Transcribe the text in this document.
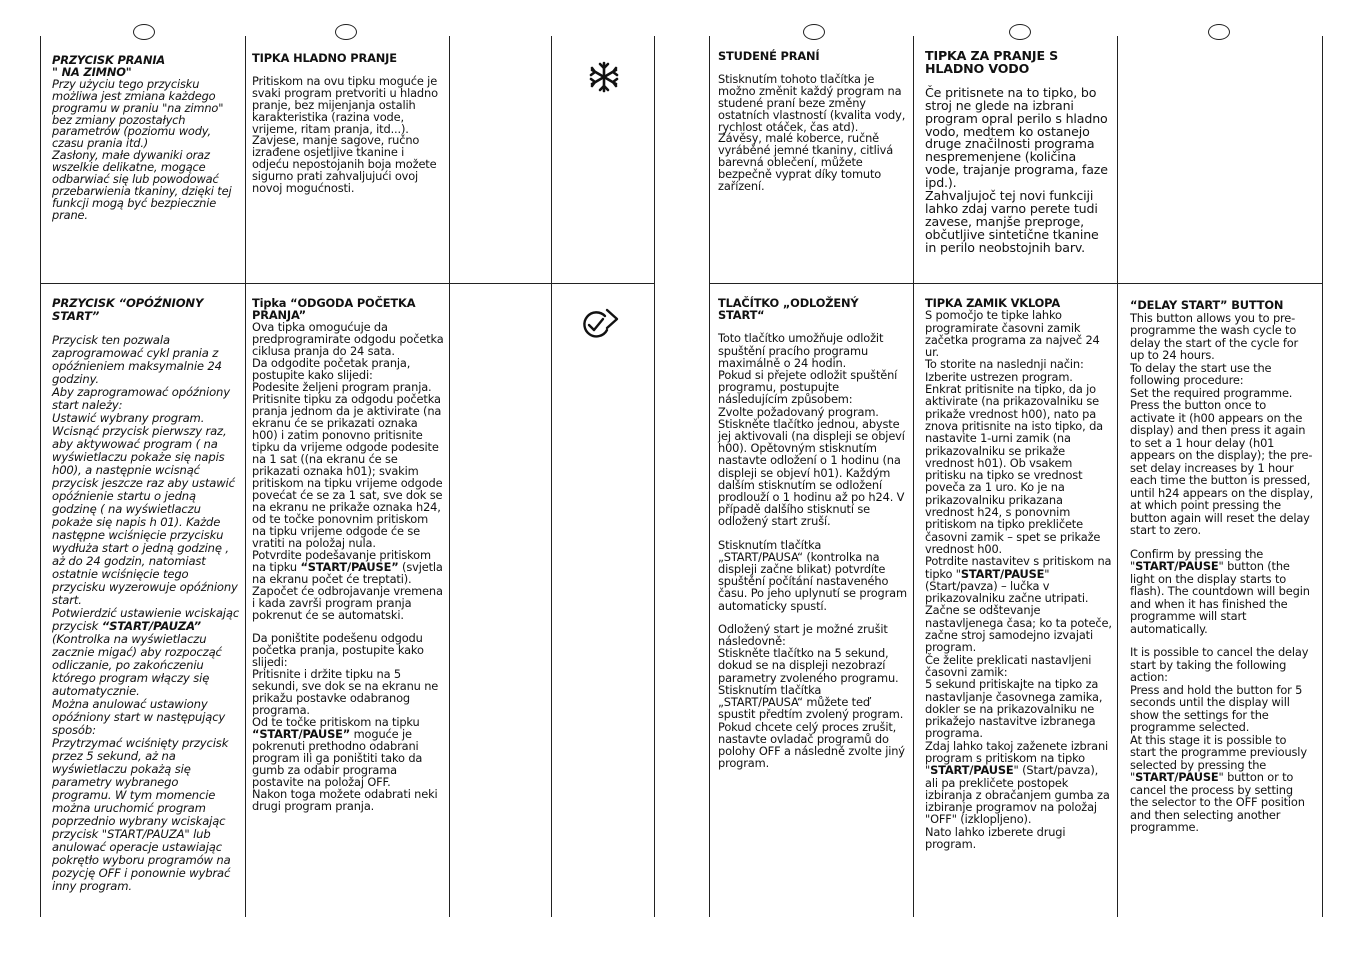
PRZYCISK PRANIA
" NA ZIMNO"
Przy użyciu tego przycisku możliwa jest zmiana każdego programu w praniu "na zimno" bez zmiany pozostałych parametrów (poziomu wody, czasu prania itd.)
Zasłony, małe dywaniki oraz wszelkie delikatne, mogące odbarwiać się lub powodować przebarwienia tkaniny, dzięki tej funkcji mogą być bezpiecznie prane.

TIPKA HLADNO PRANJE

Pritiskom na ovu tipku moguće je svaki program pretvoriti u hladno pranje, bez mijenjanja ostalih karakteristika (razina vode, vrijeme, ritam pranja, itd...).
Zavjese, manje sagove, ručno izrađene osjetljive tkanine i odjeću nepostojanih boja možete sigurno prati zahvaljujući ovoj novoj mogućnosti.

PRZYCISK “OPÓŹNIONY START”

Przycisk ten pozwala zaprogramować cykl prania z opóźnieniem maksymalnie 24 godziny.
Aby zaprogramować opóźniony start należy:
Ustawić wybrany program.
Wcisnąć przycisk pierwszy raz, aby aktywować program ( na wyświetlaczu pokaże się napis h00), a następnie wcisnąć przycisk jeszcze raz aby ustawić opóźnienie startu o jedną godzinę ( na wyświetlaczu pokaże się napis h 01). Każde następne wciśnięcie przycisku wydłuża start o jedną godzinę , aż do 24 godzin, natomiast ostatnie wciśnięcie tego przycisku wyzerowuje opóźniony start.
Potwierdzić ustawienie wciskając przycisk “START/PAUZA” (Kontrolka na wyświetlaczu zacznie migać) aby rozpocząć odliczanie, po zakończeniu którego program włączy się automatycznie.
Można anulować ustawiony opóźniony start w następujący sposób:
Przytrzymać wciśnięty przycisk przez 5 sekund, aż na wyświetlaczu pokażą się parametry wybranego programu. W tym momencie można uruchomić program poprzednio wybrany wciskając przycisk "START/PAUZA" lub anulować operacje ustawiając pokrętło wyboru programów na pozycję OFF i ponownie wybrać inny program.
Tipka “ODGODA POČETKA PRANJA”

Ova tipka omogućuje da predprogramirate odgodu početka ciklusa pranja do 24 sata.
Da odgodite početak pranja, postupite kako slijedi:
Podesite željeni program pranja.
Pritisnite tipku za odgodu početka pranja jednom da je aktivirate (na ekranu će se prikazati oznaka h00) i zatim ponovno pritisnite tipku da vrijeme odgode podesite na 1 sat ((na ekranu će se prikazati oznaka h01); svakim pritiskom na tipku vrijeme odgode povećat će se za 1 sat, sve dok se na ekranu ne prikaže oznaka h24, od te točke ponovnim pritiskom na tipku vrijeme odgode će se vratiti na položaj nula.
Potvrdite podešavanje pritiskom na tipku “START/PAUSE” (svjetla na ekranu počet će treptati).
Započet će odbrojavanje vremena i kada završi program pranja pokrenut će se automatski.

Da poništite podešenu odgodu početka pranja, postupite kako slijedi:
Pritisnite i držite tipku na 5 sekundi, sve dok se na ekranu ne prikažu postavke odabranog programa.
Od te točke pritiskom na tipku “START/PAUSE” moguće je pokrenuti prethodno odabrani program ili ga poništiti tako da gumb za odabir programa postavite na položaj OFF.
Nakon toga možete odabrati neki drugi program pranja.

STUDENÉ PRANÍ

Stisknutím tohoto tlačítka je možno změnit každý program na studené praní beze změny ostatních vlastností (kvalita vody, rychlost otáček, čas atd).
Závěsy, malé koberce, ručně vyráběné jemné tkaniny, citlivá barevná oblečení, můžete bezpečně vyprat díky tomuto zařízení.

TIPKA ZA PRANJE S HLADNO VODO

Če pritisnete na to tipko, bo stroj ne glede na izbrani program opral perilo s hladno vodo, medtem ko ostanejo druge značilnosti programa nespremenjene (količina vode, trajanje programa, faze ipd.).
Zahvaljujoč tej novi funkciji lahko zdaj varno perete tudi zavese, manjše preproge, občutljive sintetične tkanine in perilo neobstojnih barv.

TLAČÍTKO „ODLOŽENÝ START“

Toto tlačítko umožňuje odložit spuštění pracího programu maximálně o 24 hodin.
Pokud si přejete odložit spuštění programu, postupujte následujícím způsobem:
Zvolte požadovaný program.
Stiskněte tlačítko jednou, abyste jej aktivovali (na displeji se objeví h00). Opětovným stisknutím nastavte odložení o 1 hodinu (na displeji se objeví h01). Každým dalším stisknutím se odložení prodlouží o 1 hodinu až po h24. V případě dalšího stisknutí se odložený start zruší.

Stisknutím tlačítka „START/PAUSA“ (kontrolka na displeji začne blikat) potvrdíte spuštění počítání nastaveného času. Po jeho uplynutí se program automaticky spustí.

Odložený start je možné zrušit následovně:
Stiskněte tlačítko na 5 sekund, dokud se na displeji nezobrazí parametry zvoleného programu.
Stisknutím tlačítka „START/PAUSA“ můžete teď spustit předtím zvolený program. Pokud chcete celý proces zrušit, nastavte ovladač programů do polohy OFF a následně zvolte jiný program.

TIPKA ZAMIK VKLOPA
S pomočjo te tipke lahko programirate časovni zamik začetka programa za največ 24 ur.
To storite na naslednji način:
Izberite ustrezen program.
Enkrat pritisnite na tipko, da jo aktivirate (na prikazovalniku se prikaže vrednost h00), nato pa znova pritisnite na isto tipko, da nastavite 1-urni zamik (na prikazovalniku se prikaže vrednost h01). Ob vsakem pritisku na tipko se vrednost poveča za 1 uro. Ko je na prikazovalniku prikazana vrednost h24, s ponovnim pritiskom na tipko prekličete časovni zamik – spet se prikaže vrednost h00.
Potrdite nastavitev s pritiskom na tipko "START/PAUSE" (Start/pavza) – lučka v prikazovalniku začne utripati. Začne se odštevanje nastavljenega časa; ko ta poteče, začne stroj samodejno izvajati program.
Če želite preklicati nastavljeni časovni zamik:
5 sekund pritiskajte na tipko za nastavljanje časovnega zamika, dokler se na prikazovalniku ne prikažejo nastavitve izbranega programa.
Zdaj lahko takoj zaženete izbrani program s pritiskom na tipko "START/PAUSE" (Start/pavza), ali pa prekličete postopek izbiranja z obračanjem gumba za izbiranje programov na položaj "OFF" (izklopljeno).
Nato lahko izberete drugi program.
“DELAY START” BUTTON

This button allows you to pre-programme the wash cycle to delay the start of the cycle for up to 24 hours.
To delay the start use the following procedure:
Set the required programme.
Press the button once to activate it (h00 appears on the display) and then press it again to set a 1 hour delay (h01 appears on the display); the pre-set delay increases by 1 hour each time the button is pressed, until h24 appears on the display, at which point pressing the button again will reset the delay start to zero.

Confirm by pressing the "START/PAUSE" button (the light on the display starts to flash). The countdown will begin and when it has finished the programme will start automatically.

It is possible to cancel the delay start by taking the following action:
Press and hold the button for 5 seconds until the display will show the settings for the programme selected.
At this stage it is possible to start the programme previously selected by pressing the "START/PAUSE" button or to cancel the process by setting the selector to the OFF position and then selecting another programme.
